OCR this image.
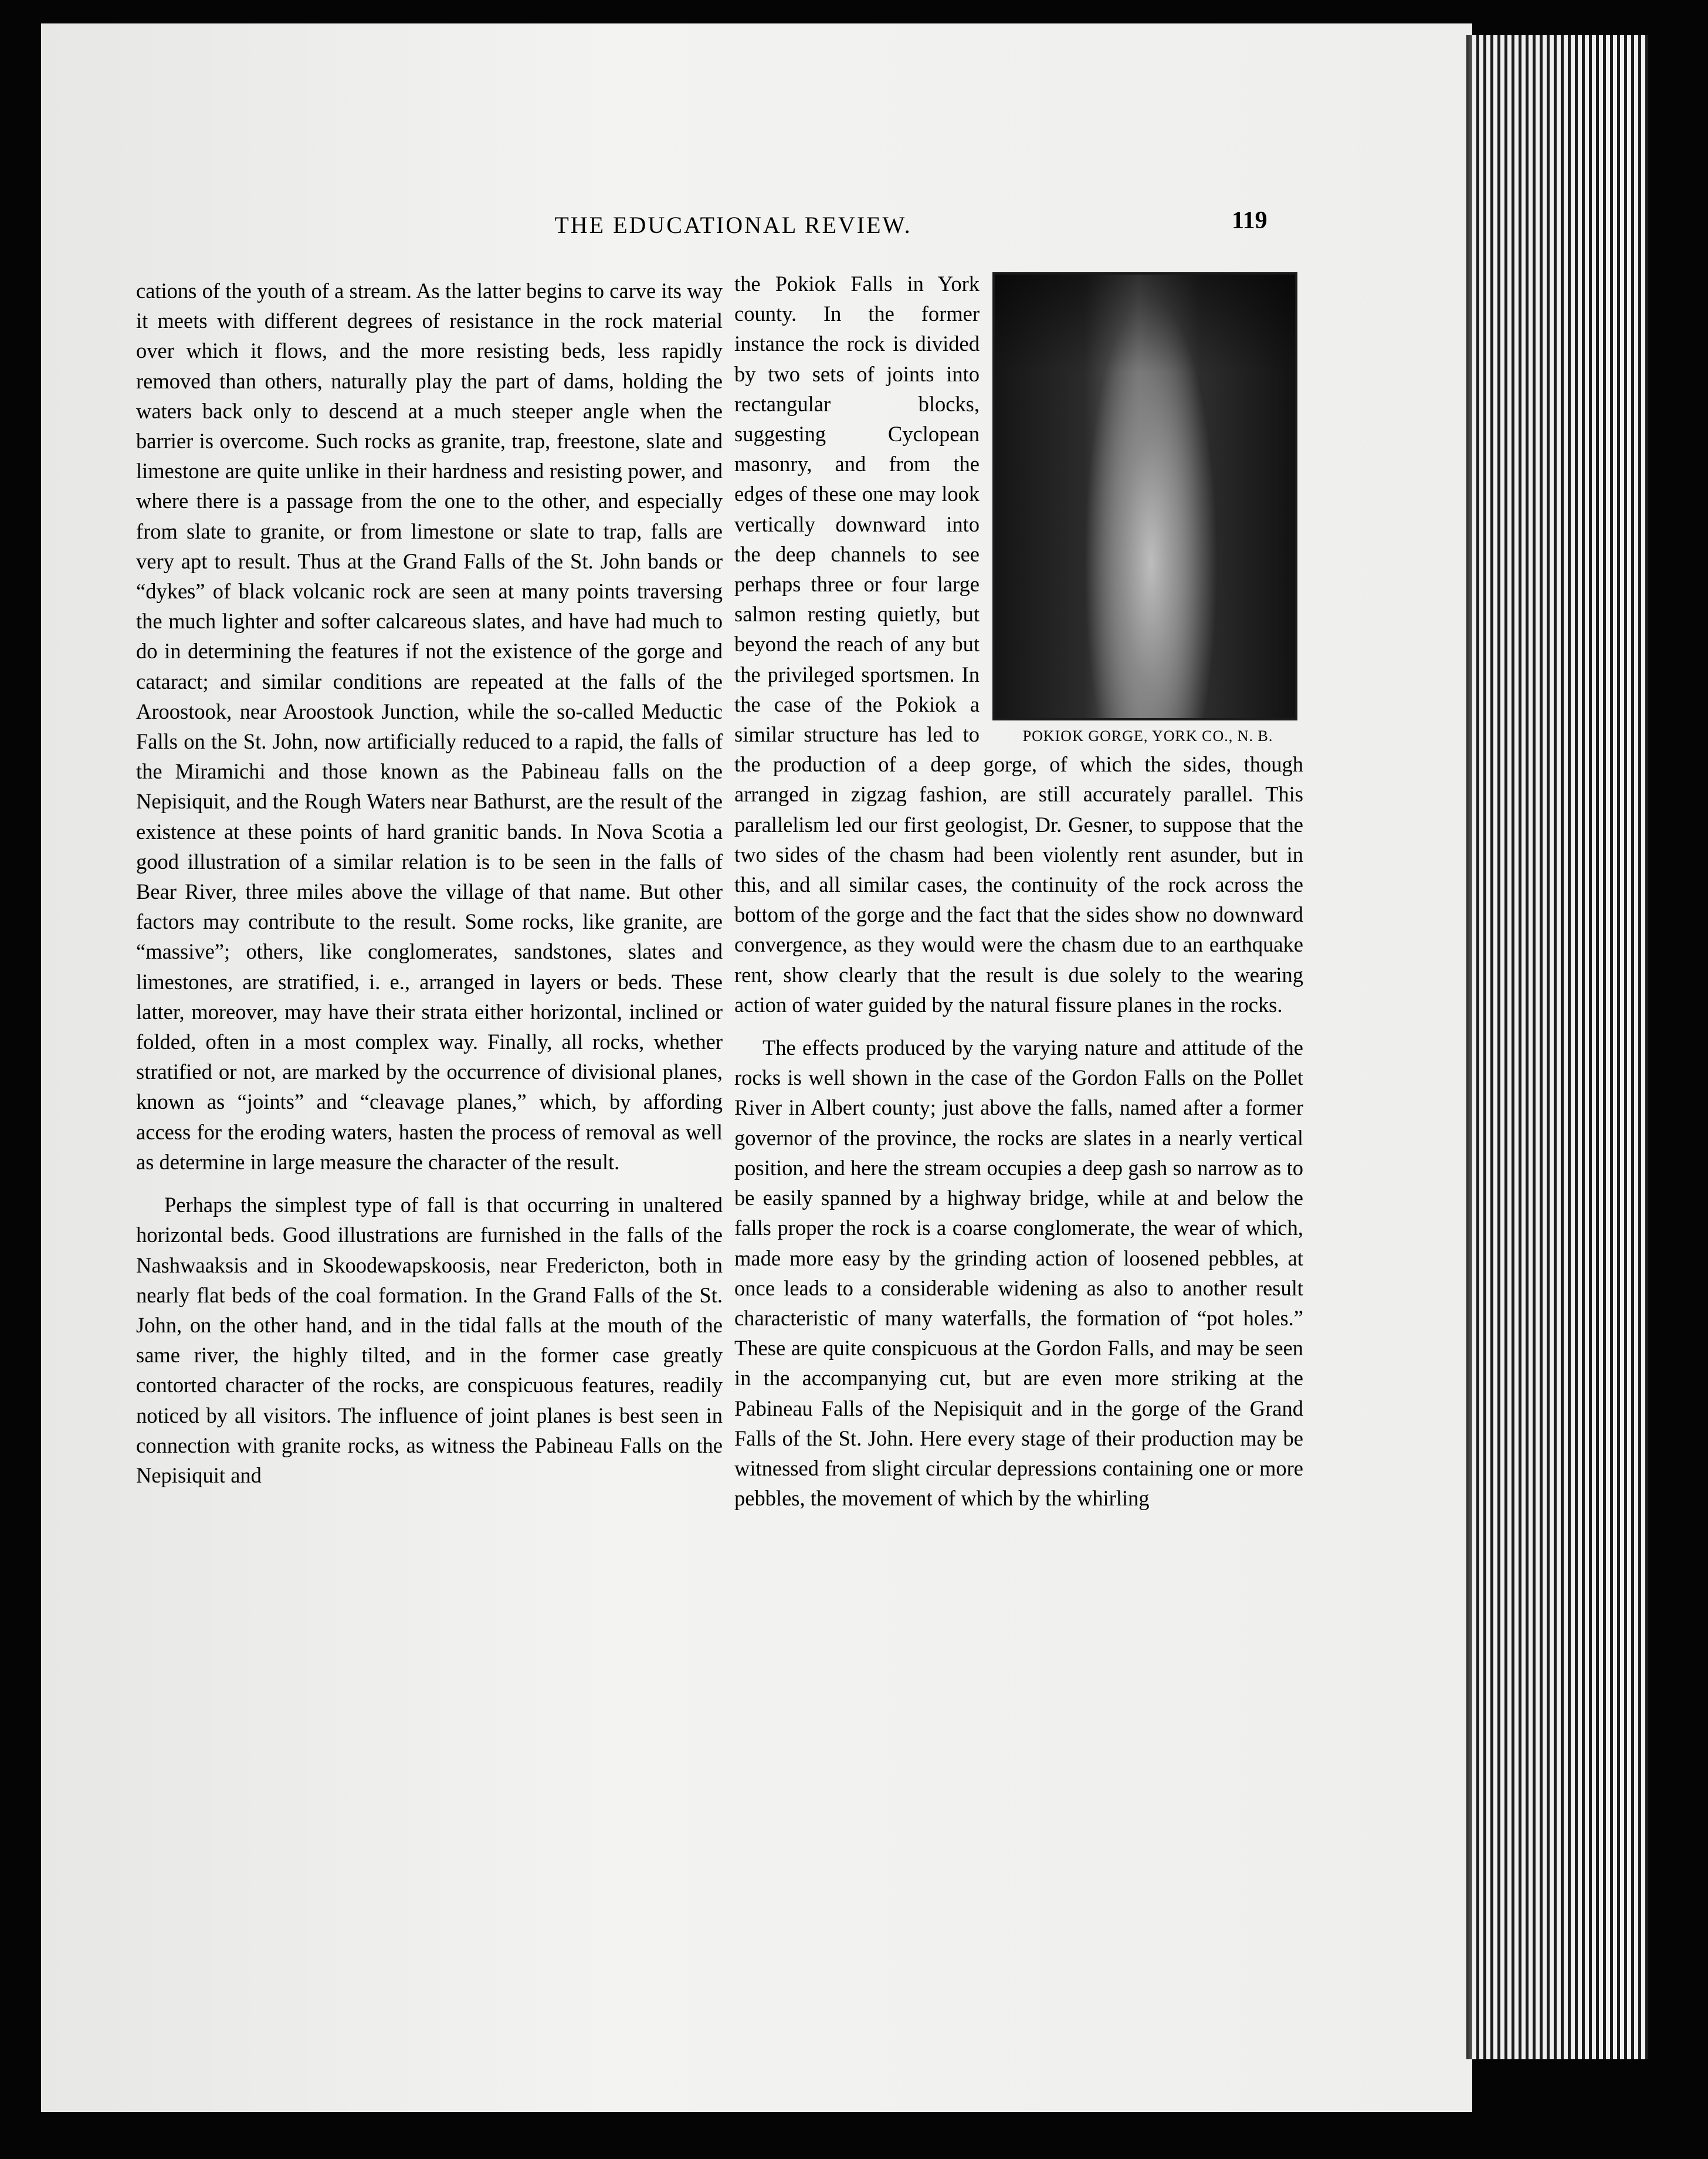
THE EDUCATIONAL REVIEW.	119

cations of the youth of a stream. As the latter begins to carve its way it meets with different degrees of resistance in the rock material over which it flows, and the more resisting beds, less rapidly removed than others, naturally play the part of dams, holding the waters back only to descend at a much steeper angle when the barrier is overcome. Such rocks as granite, trap, freestone, slate and limestone are quite unlike in their hardness and resisting power, and where there is a passage from the one to the other, and especially from slate to granite, or from limestone or slate to trap, falls are very apt to result. Thus at the Grand Falls of the St. John bands or “dykes” of black volcanic rock are seen at many points traversing the much lighter and softer calcareous slates, and have had much to do in determining the features if not the existence of the gorge and cataract; and similar conditions are repeated at the falls of the Aroostook, near Aroostook Junction, while the so-called Meductic Falls on the St. John, now artificially reduced to a rapid, the falls of the Miramichi and those known as the Pabineau falls on the Nepisiquit, and the Rough Waters near Bathurst, are the result of the existence at these points of hard granitic bands. In Nova Scotia a good illustration of a similar relation is to be seen in the falls of Bear River, three miles above the village of that name. But other factors may contribute to the result. Some rocks, like granite, are “massive”; others, like conglomerates, sandstones, slates and limestones, are stratified, i. e., arranged in layers or beds. These latter, moreover, may have their strata either horizontal, inclined or folded, often in a most complex way. Finally, all rocks, whether stratified or not, are marked by the occurrence of divisional planes, known as “joints” and “cleavage planes,” which, by affording access for the eroding waters, hasten the process of removal as well as determine in large measure the character of the result.

Perhaps the simplest type of fall is that occurring in unaltered horizontal beds. Good illustrations are furnished in the falls of the Nashwaaksis and in Skoodewapskoosis, near Fredericton, both in nearly flat beds of the coal formation. In the Grand Falls of the St. John, on the other hand, and in the tidal falls at the mouth of the same river, the highly tilted, and in the former case greatly contorted character of the rocks, are conspicuous features, readily noticed by all visitors. The influence of joint planes is best seen in connection with granite rocks, as witness the Pabineau Falls on the Nepisiquit and

POKIOK GORGE, YORK CO., N. B.

the Pokiok Falls in York county. In the former instance the rock is divided by two sets of joints into rectangular blocks, suggesting Cyclopean masonry, and from the edges of these one may look vertically downward into the deep channels to see perhaps three or four large salmon resting quietly, but beyond the reach of any but the privileged sportsmen. In the case of the Pokiok a similar structure has led to the production of a deep gorge, of which the sides, though arranged in zigzag fashion, are still accurately parallel. This parallelism led our first geologist, Dr. Gesner, to suppose that the two sides of the chasm had been violently rent asunder, but in this, and all similar cases, the continuity of the rock across the bottom of the gorge and the fact that the sides show no downward convergence, as they would were the chasm due to an earthquake rent, show clearly that the result is due solely to the wearing action of water guided by the natural fissure planes in the rocks.

The effects produced by the varying nature and attitude of the rocks is well shown in the case of the Gordon Falls on the Pollet River in Albert county; just above the falls, named after a former governor of the province, the rocks are slates in a nearly vertical position, and here the stream occupies a deep gash so narrow as to be easily spanned by a highway bridge, while at and below the falls proper the rock is a coarse conglomerate, the wear of which, made more easy by the grinding action of loosened pebbles, at once leads to a considerable widening as also to another result characteristic of many waterfalls, the formation of “pot holes.” These are quite conspicuous at the Gordon Falls, and may be seen in the accompanying cut, but are even more striking at the Pabineau Falls of the Nepisiquit and in the gorge of the Grand Falls of the St. John. Here every stage of their production may be witnessed from slight circular depressions containing one or more pebbles, the movement of which by the whirling
